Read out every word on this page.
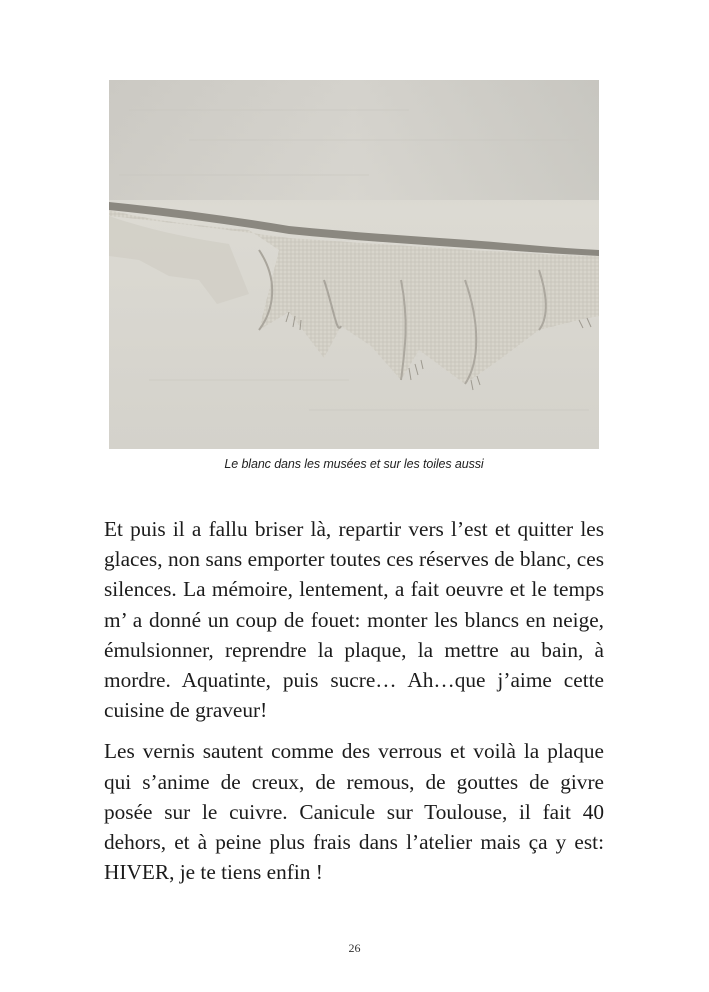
Le blanc dans les musées et sur les toiles aussi

Et puis il a fallu briser là, repartir vers l’est et quitter les glaces, non sans emporter toutes ces réserves de blanc, ces silences. La mémoire, lentement, a fait oeuvre et le temps m’ a donné un coup de fouet: monter les blancs en neige, émulsionner, reprendre la plaque, la mettre au bain, à mordre. Aquatinte, puis sucre… Ah…que j’aime cette cuisine de graveur!

Les vernis sautent comme des verrous et voilà la plaque qui s’anime de creux, de remous, de gouttes de givre posée sur le cuivre. Canicule sur Toulouse, il fait 40 dehors, et à peine plus frais dans l’atelier mais ça y est: HIVER, je te tiens enfin !

26
